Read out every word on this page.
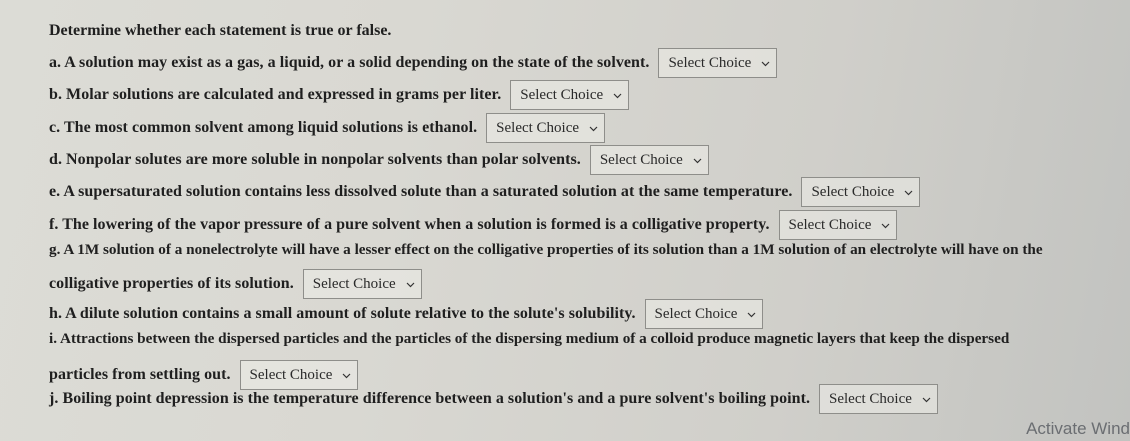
Determine whether each statement is true or false.
a. A solution may exist as a gas, a liquid, or a solid depending on the state of the solvent. Select Choice
b. Molar solutions are calculated and expressed in grams per liter. Select Choice
c. The most common solvent among liquid solutions is ethanol. Select Choice
d. Nonpolar solutes are more soluble in nonpolar solvents than polar solvents. Select Choice
e. A supersaturated solution contains less dissolved solute than a saturated solution at the same temperature. Select Choice
f. The lowering of the vapor pressure of a pure solvent when a solution is formed is a colligative property. Select Choice
g. A 1M solution of a nonelectrolyte will have a lesser effect on the colligative properties of its solution than a 1M solution of an electrolyte will have on the
colligative properties of its solution. Select Choice
h. A dilute solution contains a small amount of solute relative to the solute's solubility. Select Choice
i. Attractions between the dispersed particles and the particles of the dispersing medium of a colloid produce magnetic layers that keep the dispersed
particles from settling out. Select Choice
j. Boiling point depression is the temperature difference between a solution's and a pure solvent's boiling point. Select Choice
Activate Wind
